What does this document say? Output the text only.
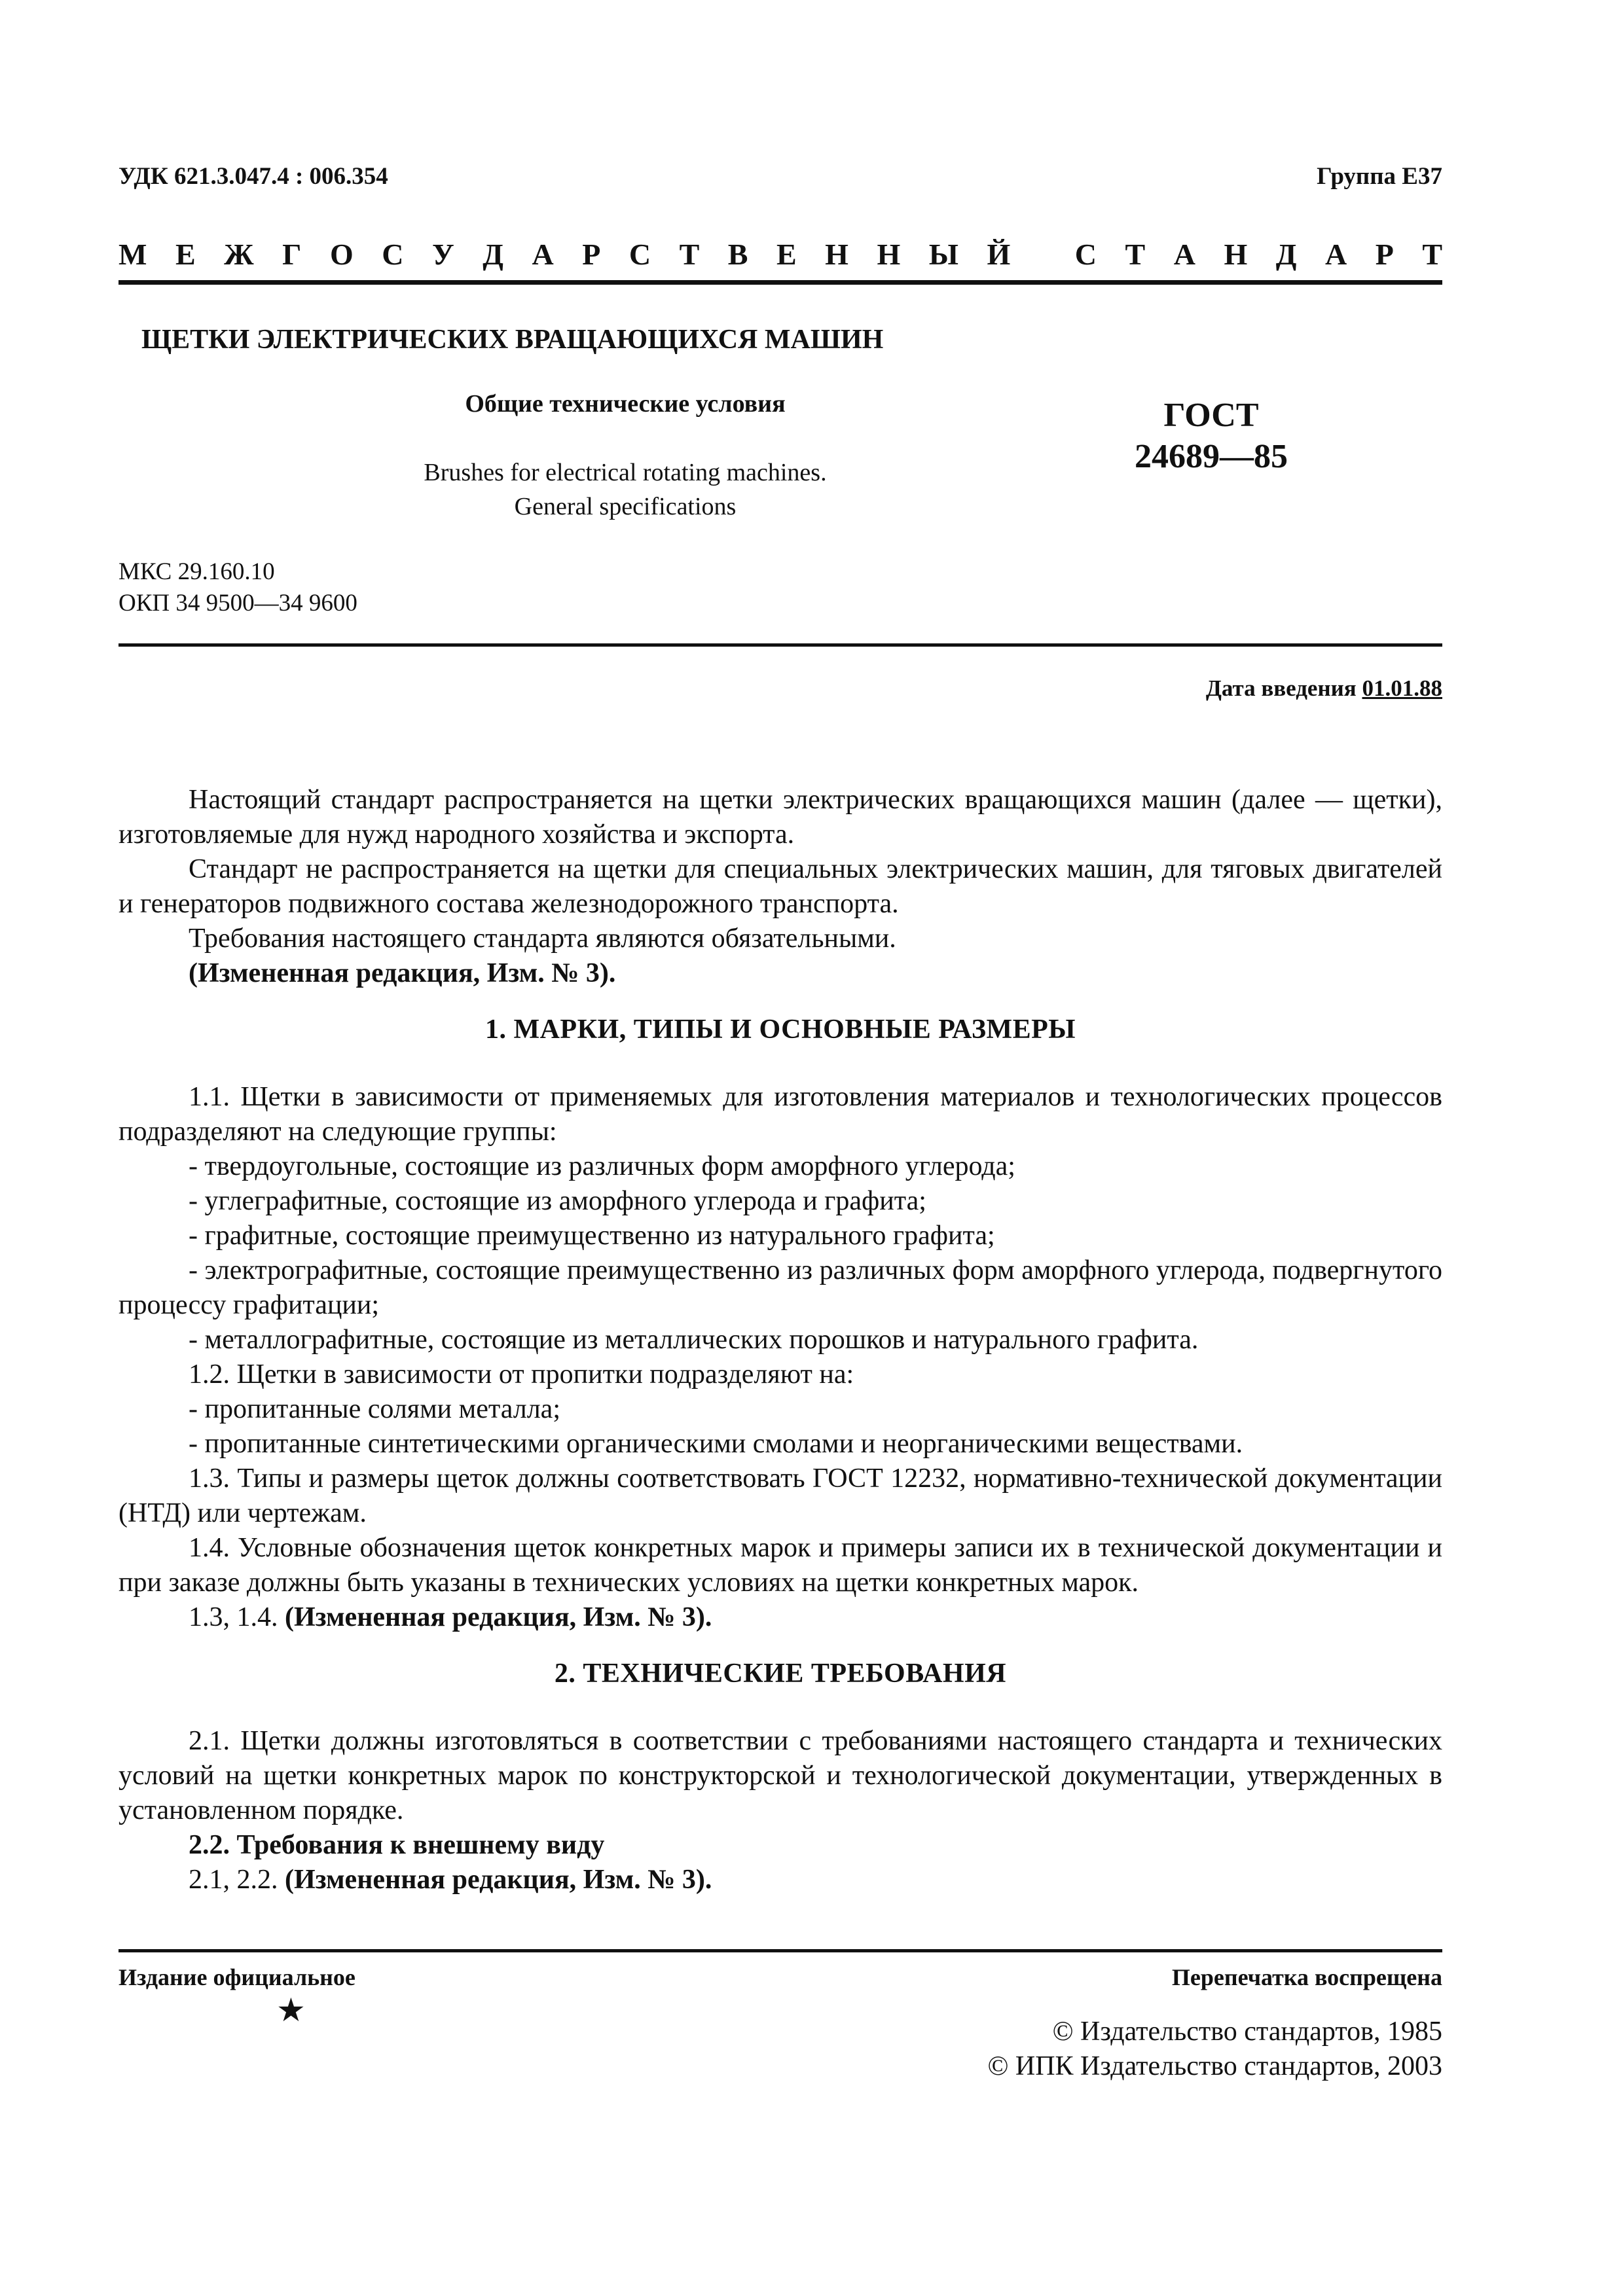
УДК 621.3.047.4 : 006.354	Группа Е37
М Е Ж Г О С У Д А Р С Т В Е Н Н Ы Й
С Т А Н Д А Р Т
ЩЕТКИ ЭЛЕКТРИЧЕСКИХ ВРАЩАЮЩИХСЯ МАШИН
Общие технические условия
Brushes for electrical rotating machines.
General specifications
ГОСТ
24689—85
МКС 29.160.10
ОКП 34 9500—34 9600
Дата введения 01.01.88

Настоящий стандарт распространяется на щетки электрических вращающихся машин (далее — щетки), изготовляемые для нужд народного хозяйства и экспорта.

Стандарт не распространяется на щетки для специальных электрических машин, для тяговых двигателей и генераторов подвижного состава железнодорожного транспорта.

Требования настоящего стандарта являются обязательными.

(Измененная редакция, Изм. № 3).

1. МАРКИ, ТИПЫ И ОСНОВНЫЕ РАЗМЕРЫ

1.1. Щетки в зависимости от применяемых для изготовления материалов и технологических процессов подразделяют на следующие группы:

- твердоугольные, состоящие из различных форм аморфного углерода;

- углеграфитные, состоящие из аморфного углерода и графита;

- графитные, состоящие преимущественно из натурального графита;

- электрографитные, состоящие преимущественно из различных форм аморфного углерода, подвергнутого процессу графитации;

- металлографитные, состоящие из металлических порошков и натурального графита.

1.2. Щетки в зависимости от пропитки подразделяют на:

- пропитанные солями металла;

- пропитанные синтетическими органическими смолами и неорганическими веществами.

1.3. Типы и размеры щеток должны соответствовать ГОСТ 12232, нормативно-технической документации (НТД) или чертежам.

1.4. Условные обозначения щеток конкретных марок и примеры записи их в технической документации и при заказе должны быть указаны в технических условиях на щетки конкретных марок.

1.3, 1.4. (Измененная редакция, Изм. № 3).

2. ТЕХНИЧЕСКИЕ ТРЕБОВАНИЯ

2.1. Щетки должны изготовляться в соответствии с требованиями настоящего стандарта и технических условий на щетки конкретных марок по конструкторской и технологической документации, утвержденных в установленном порядке.

2.2. Требования к внешнему виду

2.1, 2.2. (Измененная редакция, Изм. № 3).

Издание официальное	Перепечатка воспрещена
★
© Издательство стандартов, 1985
© ИПК Издательство стандартов, 2003
